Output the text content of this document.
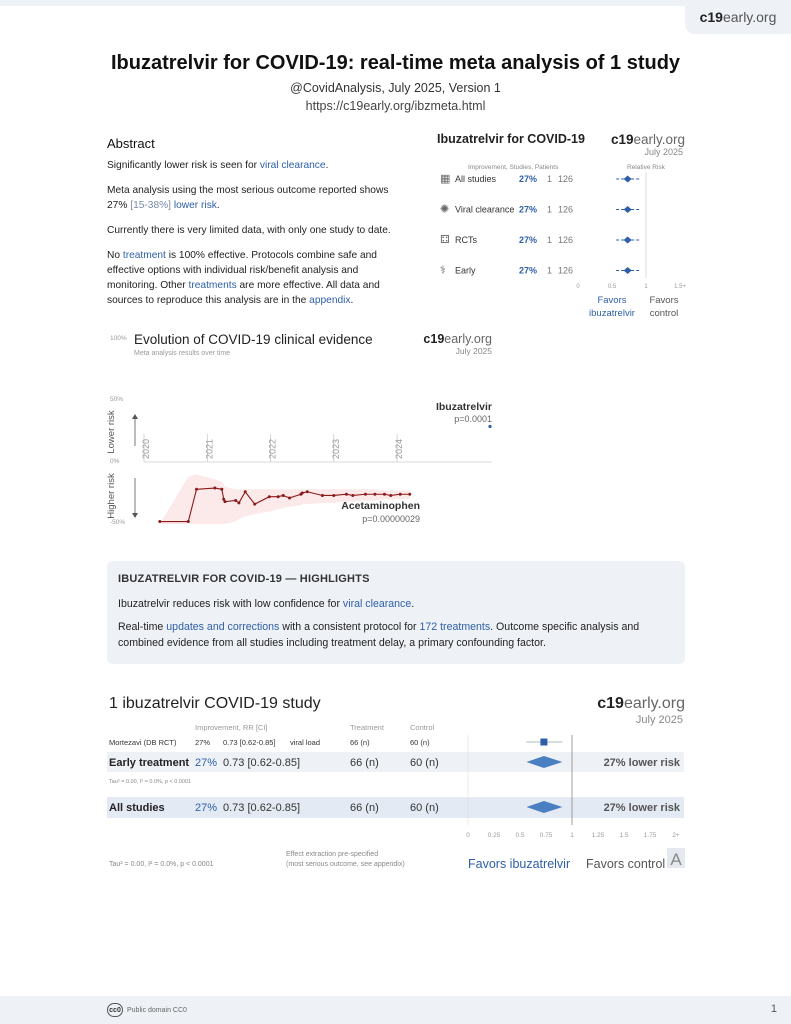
c19 early.org
Ibuzatrelvir for COVID-19: real-time meta analysis of 1 study
@CovidAnalysis, July 2025, Version 1
https://c19early.org/ibzmeta.html
Abstract

Significantly lower risk is seen for viral clearance.

Meta analysis using the most serious outcome reported shows 27% [15-38%] lower risk.

Currently there is very limited data, with only one study to date.

No treatment is 100% effective. Protocols combine safe and effective options with individual risk/benefit analysis and monitoring. Other treatments are more effective. All data and sources to reproduce this analysis are in the appendix.

Ibuzatrelvir for COVID-19 c19early.org
July 2025
Improvement, Studies, Patients	Relative Risk
▦ All studies	27% 1 126
✺ Viral clearance 27% 1 126
⚃ RCTs	27% 1 126
⚕ Early	27% 1 126
0	0.5	1	1.5+
Favors
ibuzatrelvir
Favors
control
Evolution of COVID-19 clinical evidence
Meta analysis results over time
c19early.org
July 2025
100%
50%
0%
-50%
2020	2021	2022	2023	2024
Lower risk
Higher risk
Ibuzatrelvir
p=0.0001
Acetaminophen
p=0.00000029
IBUZATRELVIR FOR COVID-19 — HIGHLIGHTS

Ibuzatrelvir reduces risk with low confidence for viral clearance.

Real-time updates and corrections with a consistent protocol for 172 treatments. Outcome specific analysis and combined evidence from all studies including treatment delay, a primary confounding factor.

1 ibuzatrelvir COVID-19 study	c19early.org
July 2025
Improvement, RR [CI]	Treatment	Control
Mortezavi (DB RCT) 27% 0.73 [0.62-0.85] viral load	66 (n)	60 (n)
Early treatment 27% 0.73 [0.62-0.85]	66 (n)	60 (n)	27% lower risk
Tau² = 0.00, I² = 0.0%, p < 0.0001
All studies	27% 0.73 [0.62-0.85]	66 (n)	60 (n)	27% lower risk
0	0.25 0.5 0.75	1	1.25 1.5 1.75 2+
Tau² = 0.00, I² = 0.0%, p < 0.0001
Effect extraction pre-specified
(most serious outcome, see appendix)	Favors ibuzatrelvir Favors control A
cc 0 Public domain CC0	1
